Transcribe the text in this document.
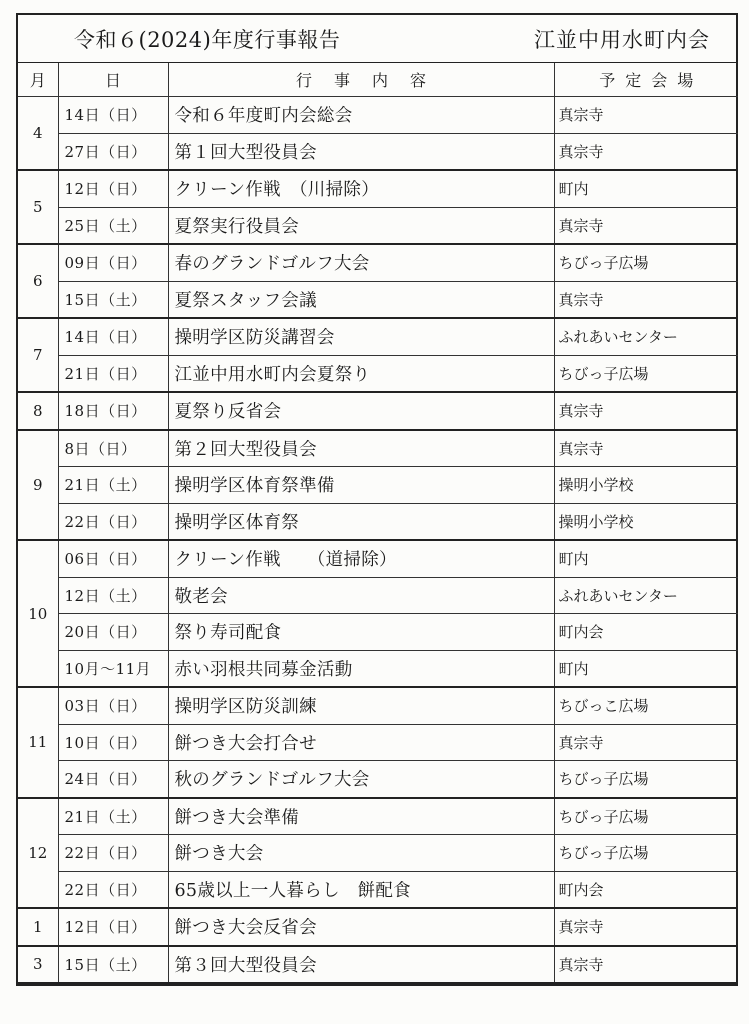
令和６(2024)年度行事報告	江並中用水町内会
月	日	行事内容	予定会場
4	14日（日）	令和６年度町内会総会	真宗寺
	27日（日）	第１回大型役員会	真宗寺
5	12日（日）	クリーン作戦　（川掃除）	町内
	25日（土）	夏祭実行役員会	真宗寺
6	09日（日）	春のグランドゴルフ大会	ちびっ子広場
	15日（土）	夏祭スタッフ会議	真宗寺
7	14日（日）	操明学区防災講習会	ふれあいセンター
	21日（日）	江並中用水町内会夏祭り	ちびっ子広場
8	18日（日）	夏祭り反省会	真宗寺
9	8日（日）	第２回大型役員会	真宗寺
	21日（土）	操明学区体育祭準備	操明小学校
	22日（日）	操明学区体育祭	操明小学校
10	06日（日）	クリーン作戦　　（道掃除）	町内
	12日（土）	敬老会	ふれあいセンター
	20日（日）	祭り寿司配食	町内会
	10月～11月	赤い羽根共同募金活動	町内
11	03日（日）	操明学区防災訓練	ちびっこ広場
	10日（日）	餅つき大会打合せ	真宗寺
	24日（日）	秋のグランドゴルフ大会	ちびっ子広場
12	21日（土）	餅つき大会準備	ちびっ子広場
	22日（日）	餅つき大会	ちびっ子広場
	22日（日）	65歳以上一人暮らし　餅配食	町内会
1	12日（日）	餅つき大会反省会	真宗寺
3	15日（土）	第３回大型役員会	真宗寺
